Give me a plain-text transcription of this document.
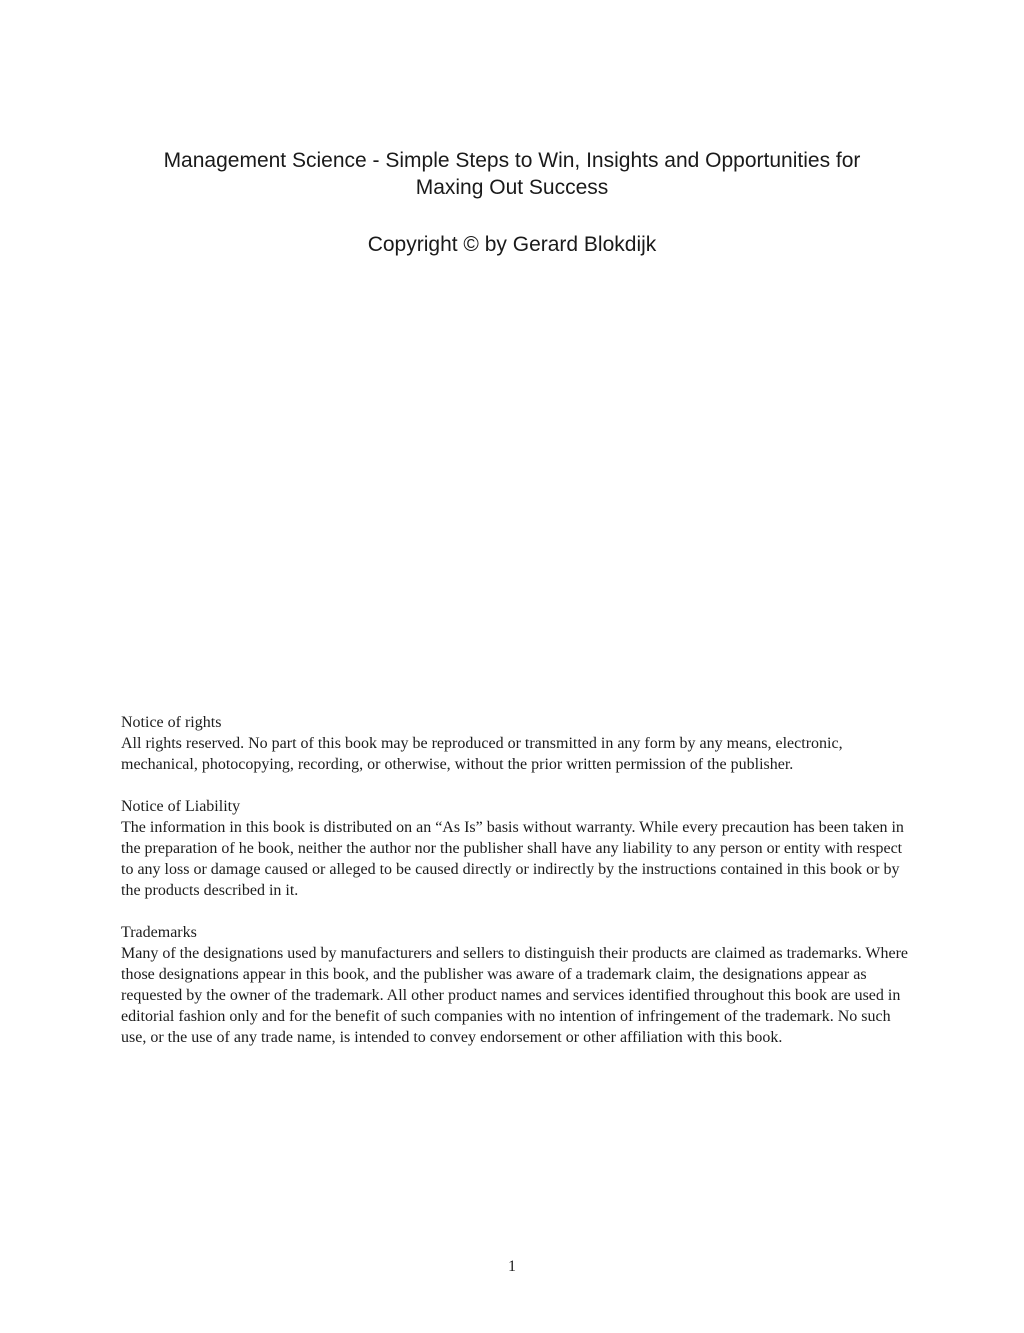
Management Science - Simple Steps to Win, Insights and Opportunities for
Maxing Out Success
Copyright © by Gerard Blokdijk
Notice of rights

All rights reserved. No part of this book may be reproduced or transmitted in any form by any means, electronic, mechanical, photocopying, recording, or otherwise, without the prior written permission of the publisher.

Notice of Liability

The information in this book is distributed on an “As Is” basis without warranty. While every precaution has been taken in the preparation of he book, neither the author nor the publisher shall have any liability to any person or entity with respect to any loss or damage caused or alleged to be caused directly or indirectly by the instructions contained in this book or by the products described in it.

Trademarks

Many of the designations used by manufacturers and sellers to distinguish their products are claimed as trademarks. Where those designations appear in this book, and the publisher was aware of a trademark claim, the designations appear as requested by the owner of the trademark. All other product names and services identified throughout this book are used in editorial fashion only and for the benefit of such companies with no intention of infringement of the trademark. No such use, or the use of any trade name, is intended to convey endorsement or other affiliation with this book.

1
